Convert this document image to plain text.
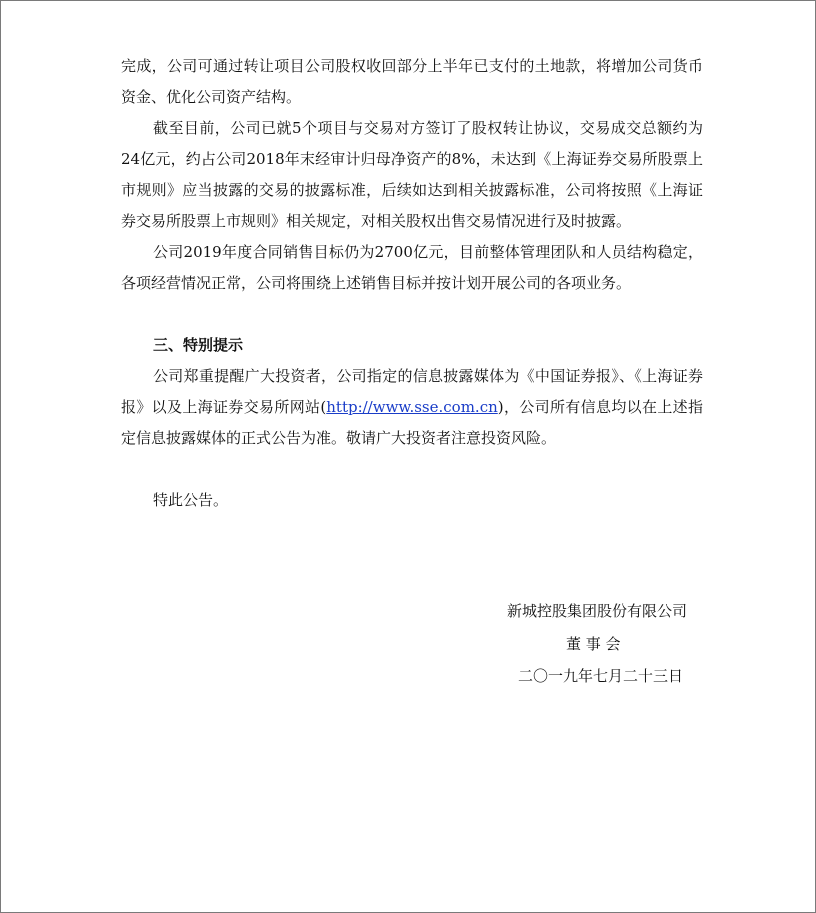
完成，公司可通过转让项目公司股权收回部分上半年已支付的土地款，将增加公司货币资金、优化公司资产结构。

截至目前，公司已就5个项目与交易对方签订了股权转让协议，交易成交总额约为24亿元，约占公司2018年末经审计归母净资产的8%，未达到《上海证券交易所股票上市规则》应当披露的交易的披露标准，后续如达到相关披露标准，公司将按照《上海证券交易所股票上市规则》相关规定，对相关股权出售交易情况进行及时披露。

公司2019年度合同销售目标仍为2700亿元，目前整体管理团队和人员结构稳定，各项经营情况正常，公司将围绕上述销售目标并按计划开展公司的各项业务。

三、特别提示

公司郑重提醒广大投资者，公司指定的信息披露媒体为《中国证券报》、《上海证券报》以及上海证券交易所网站(http://www.sse.com.cn)，公司所有信息均以在上述指定信息披露媒体的正式公告为准。敬请广大投资者注意投资风险。

特此公告。

新城控股集团股份有限公司
董 事 会
二〇一九年七月二十三日
